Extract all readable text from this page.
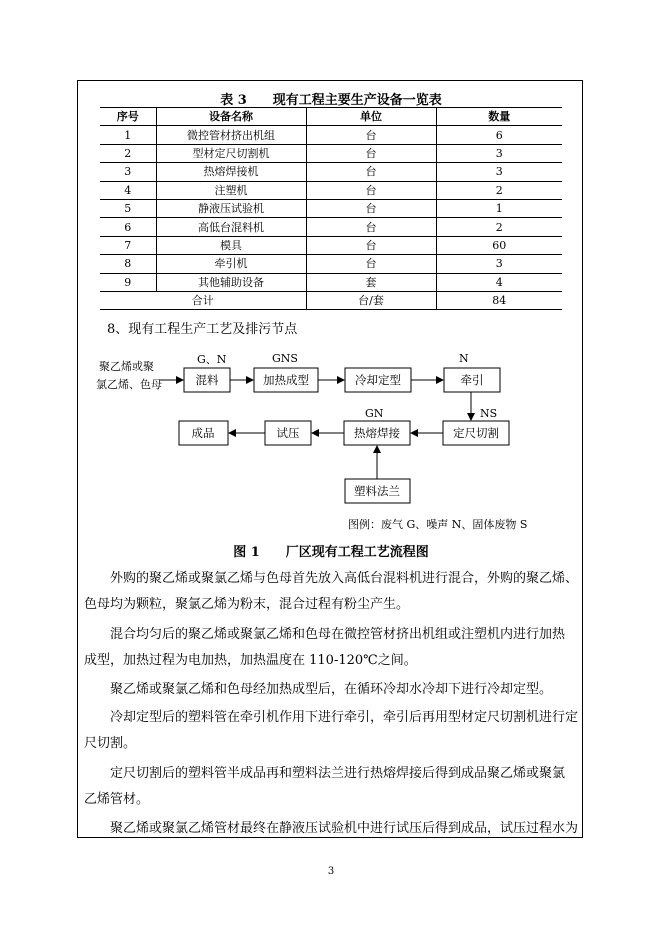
表 3　　现有工程主要生产设备一览表
序号	设备名称	单位	数量
1	微控管材挤出机组	台	6
2	型材定尺切割机	台	3
3	热熔焊接机	台	3
4	注塑机	台	2
5	静液压试验机	台	1
6	高低台混料机	台	2
7	模具	台	60
8	牵引机	台	3
9	其他辅助设备	套	4
合计		台/套	84
8、现有工程生产工艺及排污节点
聚乙烯或聚
氯乙烯、色母
G、N	GNS	N
NS
GN
混料	加热成型	冷却定型	牵引
定尺切割
热熔焊接
试压
成品
塑料法兰
图例：废气 G、噪声 N、固体废物 S
图 1　　厂区现有工程工艺流程图
外购的聚乙烯或聚氯乙烯与色母首先放入高低台混料机进行混合，外购的聚乙烯、
色母均为颗粒，聚氯乙烯为粉末，混合过程有粉尘产生。
混合均匀后的聚乙烯或聚氯乙烯和色母在微控管材挤出机组或注塑机内进行加热
成型，加热过程为电加热，加热温度在 110-120℃之间。
聚乙烯或聚氯乙烯和色母经加热成型后，在循环冷却水冷却下进行冷却定型。
冷却定型后的塑料管在牵引机作用下进行牵引，牵引后再用型材定尺切割机进行定
尺切割。
定尺切割后的塑料管半成品再和塑料法兰进行热熔焊接后得到成品聚乙烯或聚氯
乙烯管材。
聚乙烯或聚氯乙烯管材最终在静液压试验机中进行试压后得到成品，试压过程水为
3
